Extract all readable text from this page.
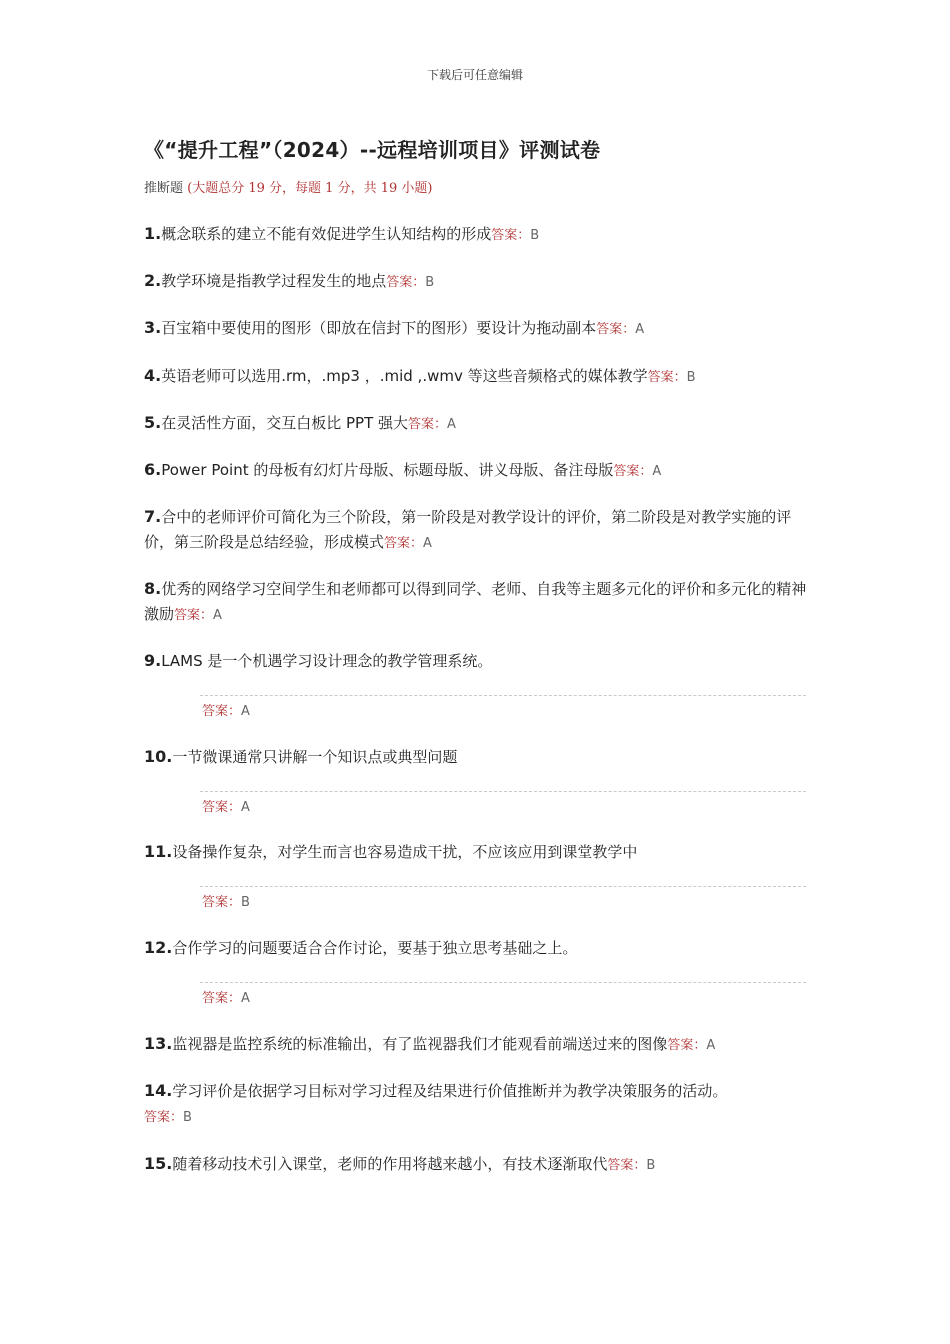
下载后可任意编辑
《“提升工程”（2024）--远程培训项目》评测试卷
推断题 (大题总分 19 分，每题 1 分，共 19 小题)
1.概念联系的建立不能有效促进学生认知结构的形成答案：B
2.教学环境是指教学过程发生的地点答案：B
3.百宝箱中要使用的图形（即放在信封下的图形）要设计为拖动副本答案：A
4.英语老师可以选用.rm，.mp3 ，.mid ,.wmv 等这些音频格式的媒体教学答案：B
5.在灵活性方面，交互白板比 PPT 强大答案：A
6.Power Point 的母板有幻灯片母版、标题母版、讲义母版、备注母版答案：A
7.合中的老师评价可简化为三个阶段，第一阶段是对教学设计的评价，第二阶段是对教学实施的评价，第三阶段是总结经验，形成模式答案：A
8.优秀的网络学习空间学生和老师都可以得到同学、老师、自我等主题多元化的评价和多元化的精神激励答案：A
9.LAMS 是一个机遇学习设计理念的教学管理系统。
答案：A
10.一节微课通常只讲解一个知识点或典型问题
答案：A
11.设备操作复杂，对学生而言也容易造成干扰，不应该应用到课堂教学中
答案：B
12.合作学习的问题要适合合作讨论，要基于独立思考基础之上。
答案：A
13.监视器是监控系统的标准输出，有了监视器我们才能观看前端送过来的图像答案：A
14.学习评价是依据学习目标对学习过程及结果进行价值推断并为教学决策服务的活动。
答案：B
15.随着移动技术引入课堂，老师的作用将越来越小，有技术逐渐取代答案：B
